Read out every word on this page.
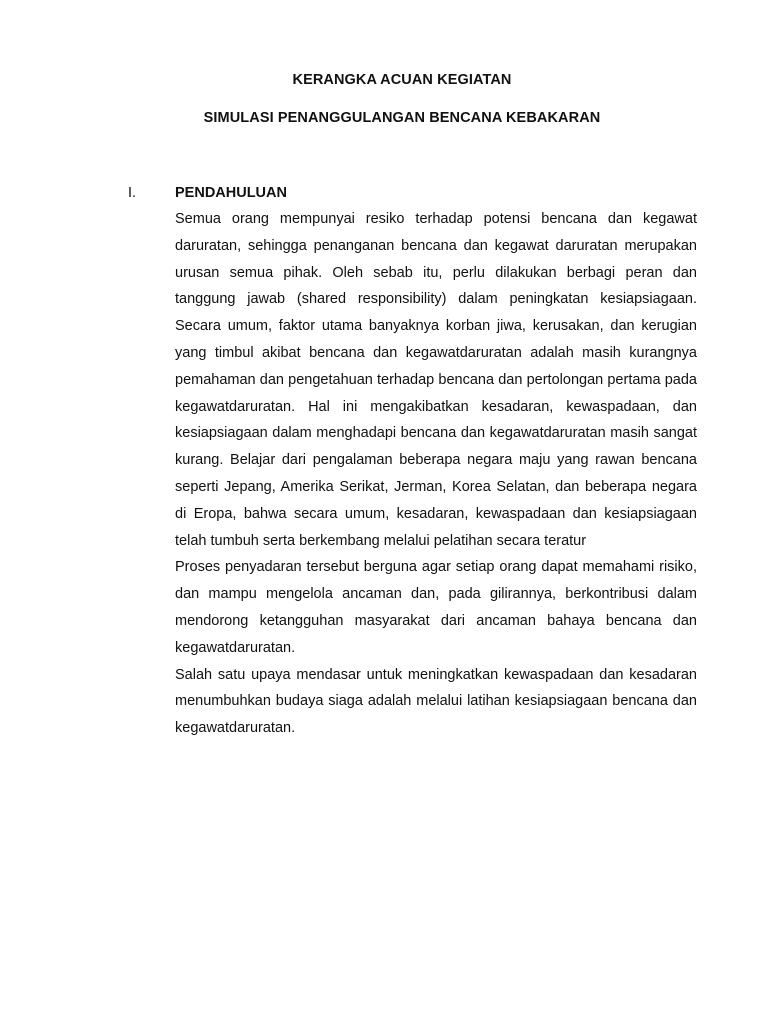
KERANGKA ACUAN KEGIATAN
SIMULASI PENANGGULANGAN BENCANA KEBAKARAN
I.	PENDAHULUAN

Semua orang mempunyai resiko terhadap potensi bencana dan kegawat daruratan, sehingga penanganan bencana dan kegawat daruratan merupakan urusan semua pihak. Oleh sebab itu, perlu dilakukan berbagi peran dan tanggung jawab (shared responsibility) dalam peningkatan kesiapsiagaan. Secara umum, faktor utama banyaknya korban jiwa, kerusakan, dan kerugian yang timbul akibat bencana dan kegawatdaruratan adalah masih kurangnya pemahaman dan pengetahuan terhadap bencana dan pertolongan pertama pada kegawatdaruratan. Hal ini mengakibatkan kesadaran, kewaspadaan, dan kesiapsiagaan dalam menghadapi bencana dan kegawatdaruratan masih sangat kurang. Belajar dari pengalaman beberapa negara maju yang rawan bencana seperti Jepang, Amerika Serikat, Jerman, Korea Selatan, dan beberapa negara di Eropa, bahwa secara umum, kesadaran, kewaspadaan dan kesiapsiagaan telah tumbuh serta berkembang melalui pelatihan secara teratur

Proses penyadaran tersebut berguna agar setiap orang dapat memahami risiko, dan mampu mengelola ancaman dan, pada gilirannya, berkontribusi dalam mendorong ketangguhan masyarakat dari ancaman bahaya bencana dan kegawatdaruratan.

Salah satu upaya mendasar untuk meningkatkan kewaspadaan dan kesadaran menumbuhkan budaya siaga adalah melalui latihan kesiapsiagaan bencana dan kegawatdaruratan.
